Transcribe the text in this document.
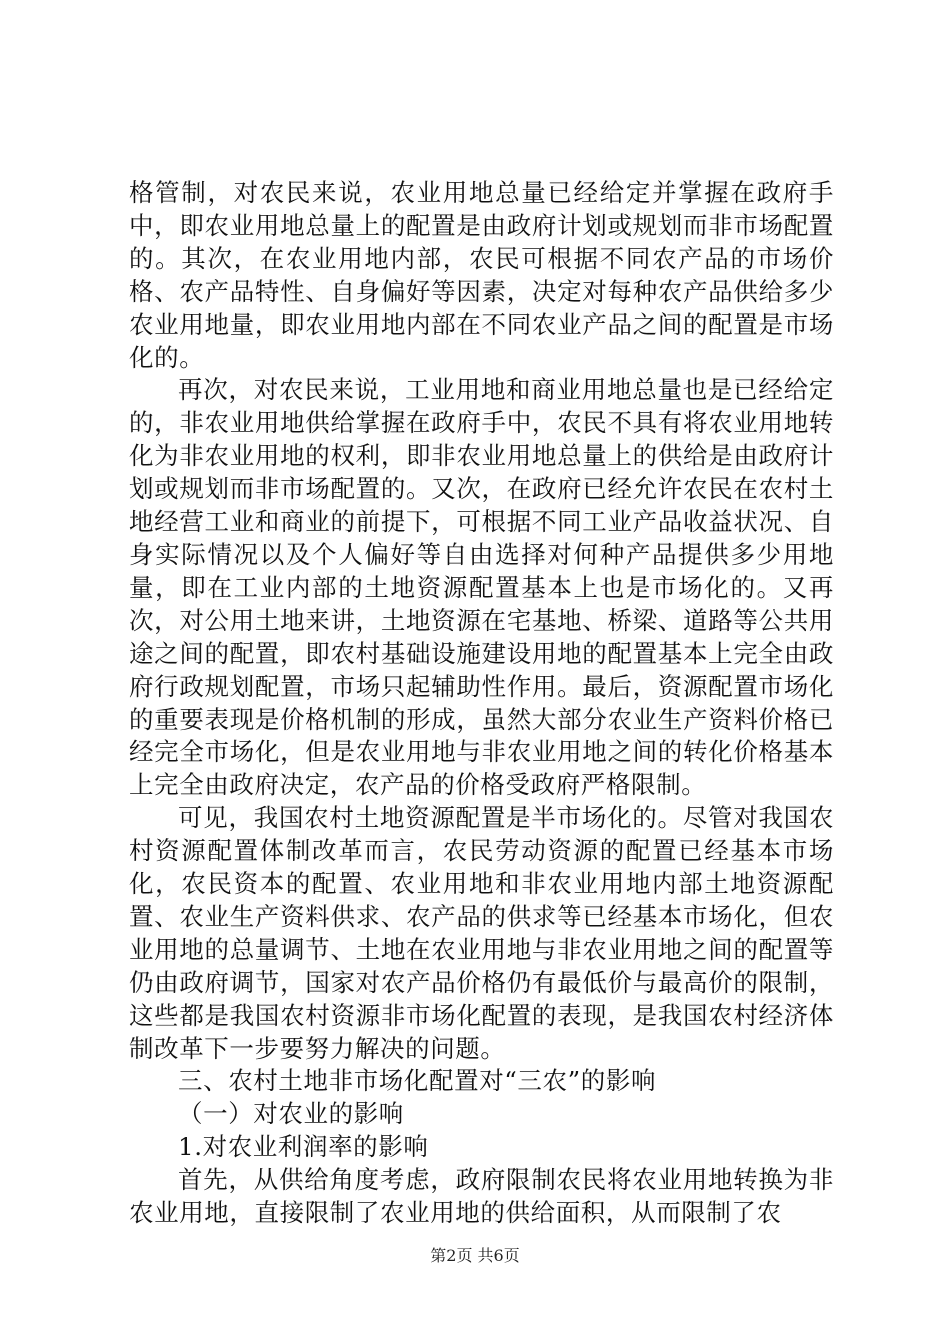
格管制，对农民来说，农业用地总量已经给定并掌握在政府手中，即农业用地总量上的配置是由政府计划或规划而非市场配置的。其次，在农业用地内部，农民可根据不同农产品的市场价格、农产品特性、自身偏好等因素，决定对每种农产品供给多少农业用地量，即农业用地内部在不同农业产品之间的配置是市场化的。

再次，对农民来说，工业用地和商业用地总量也是已经给定的，非农业用地供给掌握在政府手中，农民不具有将农业用地转化为非农业用地的权利，即非农业用地总量上的供给是由政府计划或规划而非市场配置的。又次，在政府已经允许农民在农村土地经营工业和商业的前提下，可根据不同工业产品收益状况、自身实际情况以及个人偏好等自由选择对何种产品提供多少用地量，即在工业内部的土地资源配置基本上也是市场化的。又再次，对公用土地来讲，土地资源在宅基地、桥梁、道路等公共用途之间的配置，即农村基础设施建设用地的配置基本上完全由政府行政规划配置，市场只起辅助性作用。最后，资源配置市场化的重要表现是价格机制的形成，虽然大部分农业生产资料价格已经完全市场化，但是农业用地与非农业用地之间的转化价格基本上完全由政府决定，农产品的价格受政府严格限制。

可见，我国农村土地资源配置是半市场化的。尽管对我国农村资源配置体制改革而言，农民劳动资源的配置已经基本市场化，农民资本的配置、农业用地和非农业用地内部土地资源配置、农业生产资料供求、农产品的供求等已经基本市场化，但农业用地的总量调节、土地在农业用地与非农业用地之间的配置等仍由政府调节，国家对农产品价格仍有最低价与最高价的限制，这些都是我国农村资源非市场化配置的表现，是我国农村经济体制改革下一步要努力解决的问题。

三、农村土地非市场化配置对“三农”的影响

（一）对农业的影响

1.对农业利润率的影响

首先，从供给角度考虑，政府限制农民将农业用地转换为非农业用地，直接限制了农业用地的供给面积，从而限制了农

第2页 共6页
